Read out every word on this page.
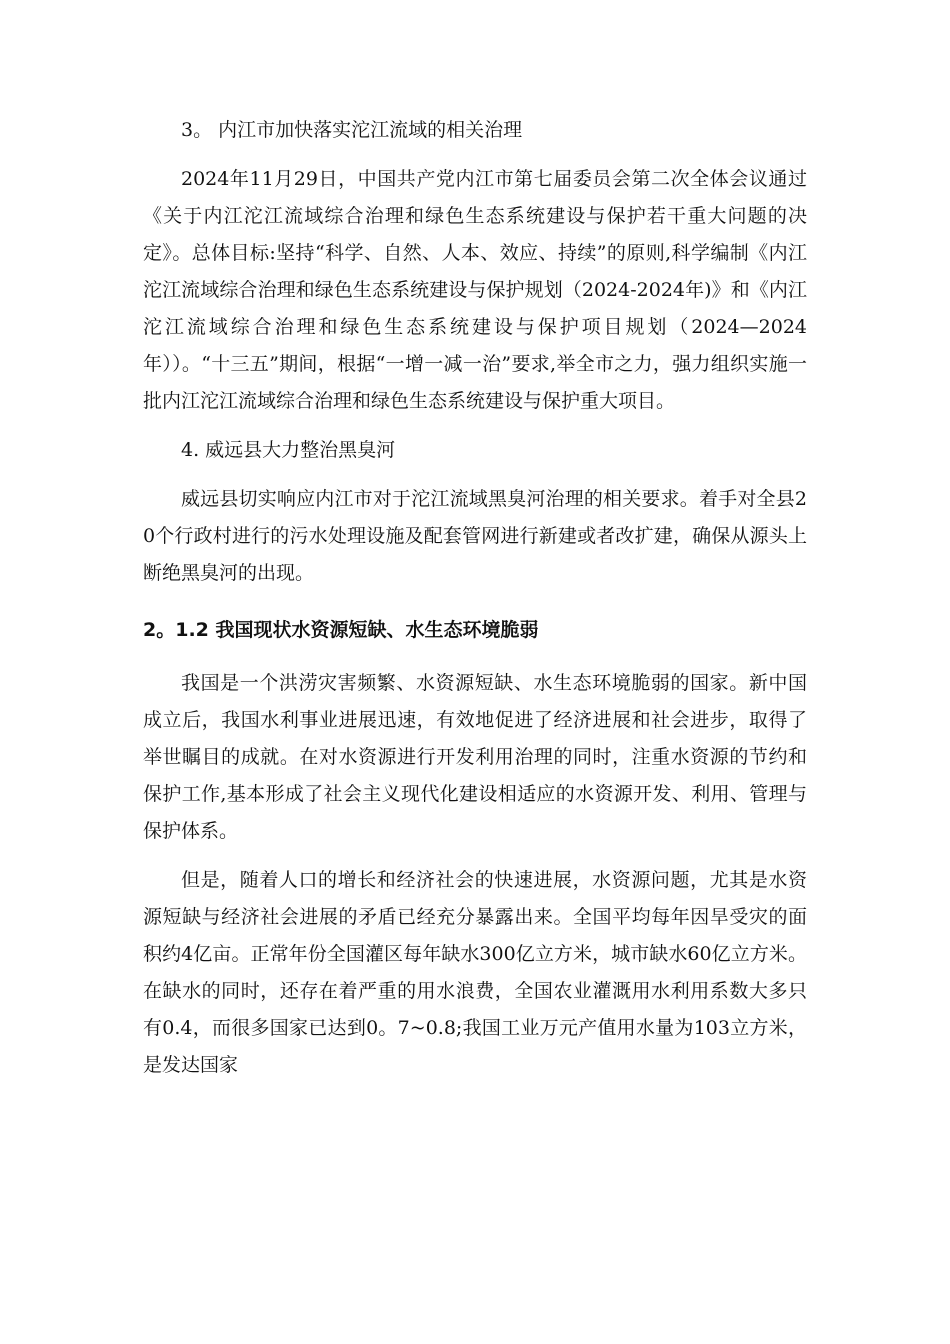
3。 内江市加快落实沱江流域的相关治理

2024年11月29日，中国共产党内江市第七届委员会第二次全体会议通过《关于内江沱江流域综合治理和绿色生态系统建设与保护若干重大问题的决定》。总体目标:坚持“科学、自然、人本、效应、持续”的原则,科学编制《内江沱江流域综合治理和绿色生态系统建设与保护规划（2024-2024年)》和《内江沱江流域综合治理和绿色生态系统建设与保护项目规划（2024—2024年））。“十三五”期间，根据“一增一减一治”要求,举全市之力，强力组织实施一批内江沱江流域综合治理和绿色生态系统建设与保护重大项目。

4. 威远县大力整治黑臭河

威远县切实响应内江市对于沱江流域黑臭河治理的相关要求。着手对全县20个行政村进行的污水处理设施及配套管网进行新建或者改扩建，确保从源头上断绝黑臭河的出现。

2。1.2 我国现状水资源短缺、水生态环境脆弱

我国是一个洪涝灾害频繁、水资源短缺、水生态环境脆弱的国家。新中国成立后，我国水利事业进展迅速，有效地促进了经济进展和社会进步，取得了举世瞩目的成就。在对水资源进行开发利用治理的同时，注重水资源的节约和保护工作,基本形成了社会主义现代化建设相适应的水资源开发、利用、管理与保护体系。

但是，随着人口的增长和经济社会的快速进展，水资源问题，尤其是水资源短缺与经济社会进展的矛盾已经充分暴露出来。全国平均每年因旱受灾的面积约4亿亩。正常年份全国灌区每年缺水300亿立方米，城市缺水60亿立方米。在缺水的同时，还存在着严重的用水浪费，全国农业灌溉用水利用系数大多只有0.4，而很多国家已达到0。7~0.8;我国工业万元产值用水量为103立方米，是发达国家
